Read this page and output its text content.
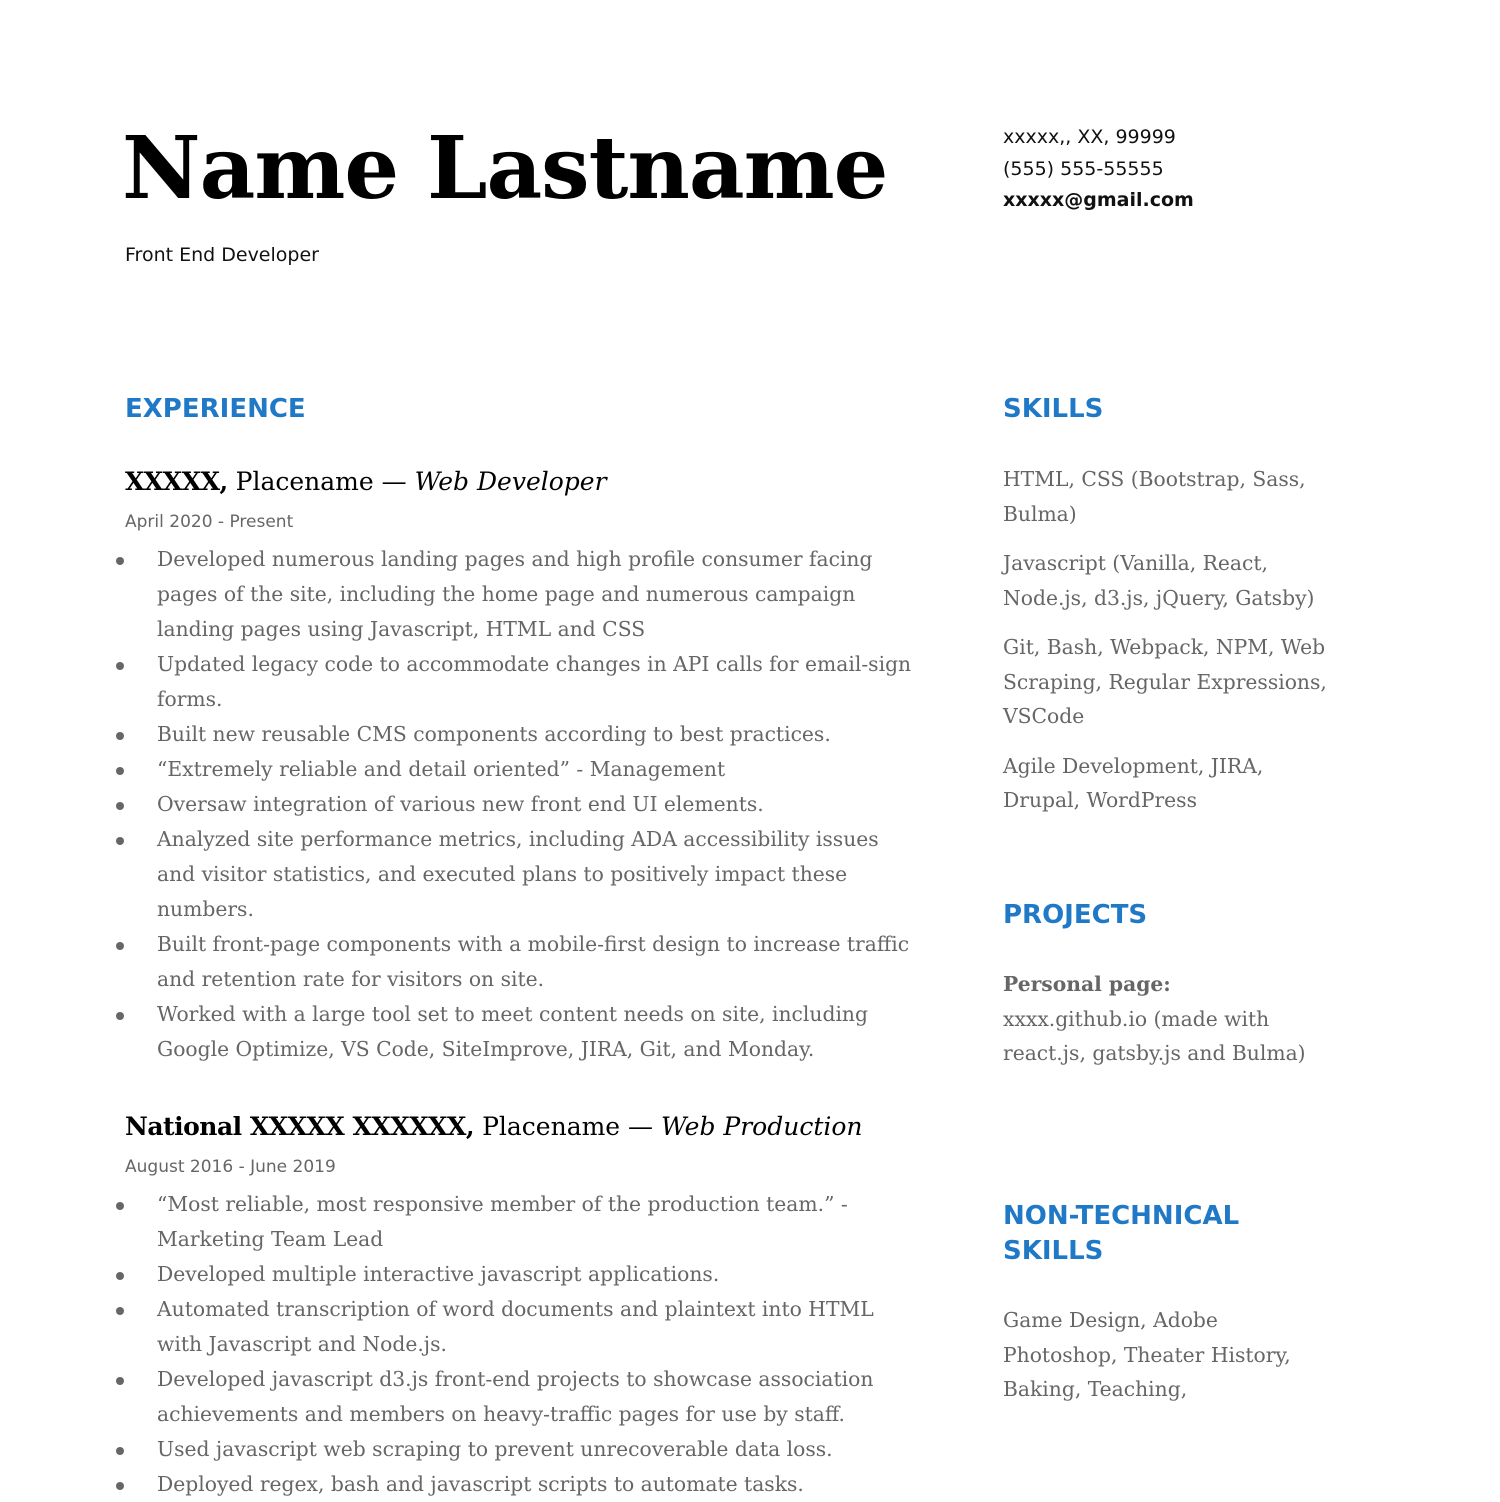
Name Lastname
Front End Developer
xxxxx,, XX, 99999
(555) 555-55555
xxxxx@gmail.com
EXPERIENCE
XXXXX, Placename — Web Developer
April 2020 - Present
Developed numerous landing pages and high profile consumer facing pages of the site, including the home page and numerous campaign landing pages using Javascript, HTML and CSS
Updated legacy code to accommodate changes in API calls for email-sign forms.
Built new reusable CMS components according to best practices.
“Extremely reliable and detail oriented” - Management
Oversaw integration of various new front end UI elements.
Analyzed site performance metrics, including ADA accessibility issues and visitor statistics, and executed plans to positively impact these numbers.
Built front-page components with a mobile-first design to increase traffic and retention rate for visitors on site.
Worked with a large tool set to meet content needs on site, including Google Optimize, VS Code, SiteImprove, JIRA, Git, and Monday.
National XXXXX XXXXXX, Placename — Web Production
August 2016 - June 2019
“Most reliable, most responsive member of the production team.” - Marketing Team Lead
Developed multiple interactive javascript applications.
Automated transcription of word documents and plaintext into HTML with Javascript and Node.js.
Developed javascript d3.js front-end projects to showcase association achievements and members on heavy-traffic pages for use by staff.
Used javascript web scraping to prevent unrecoverable data loss.
Deployed regex, bash and javascript scripts to automate tasks.
SKILLS

HTML, CSS (Bootstrap, Sass, Bulma)

Javascript (Vanilla, React, Node.js, d3.js, jQuery, Gatsby)

Git, Bash, Webpack, NPM, Web Scraping, Regular Expressions, VSCode

Agile Development, JIRA, Drupal, WordPress

PROJECTS

Personal page:
xxxx.github.io (made with react.js, gatsby.js and Bulma)

NON-TECHNICAL SKILLS

Game Design, Adobe Photoshop, Theater History, Baking, Teaching,
